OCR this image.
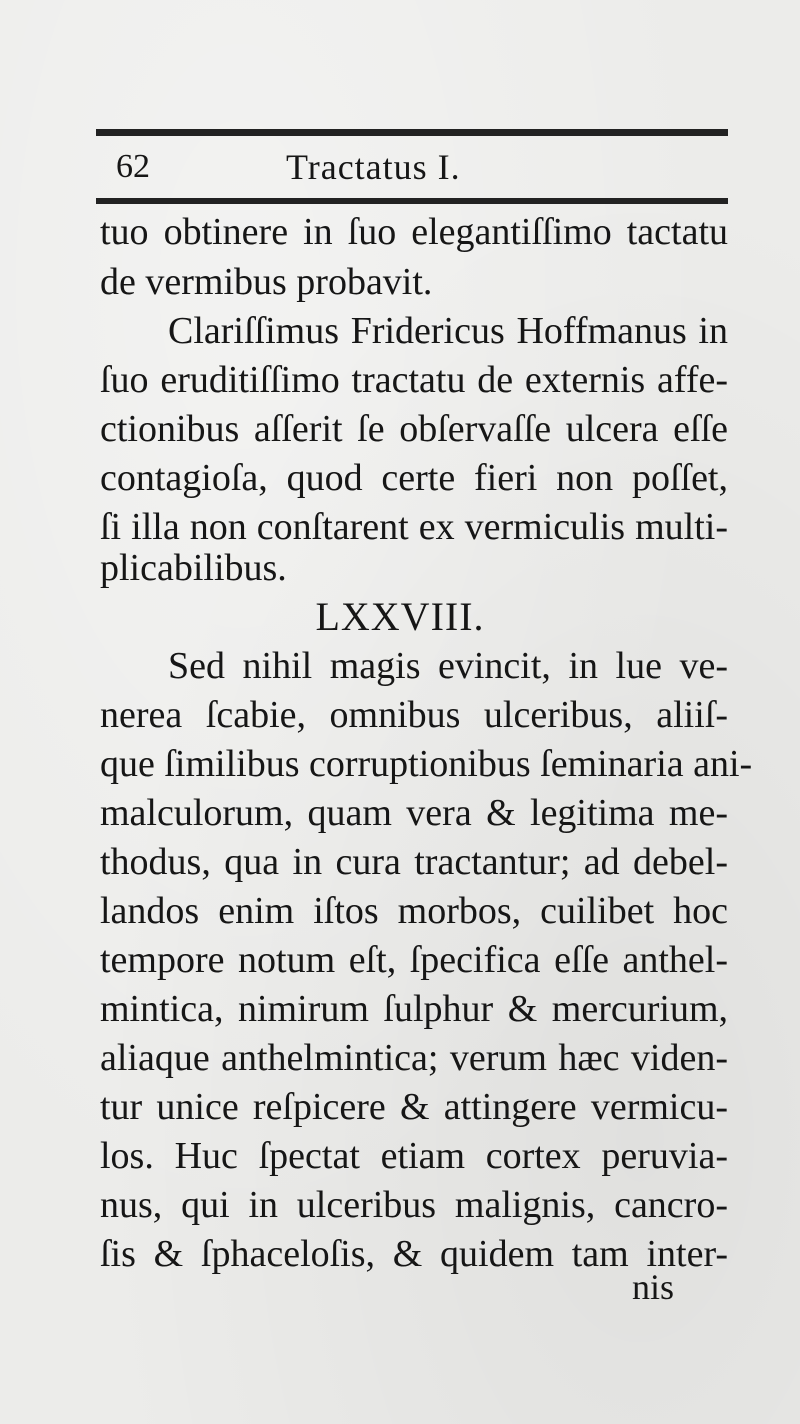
62	Tractatus I.
tuo obtinere in ſuo elegantiſſimo tactatu
de vermibus probavit.
Clariſſimus Fridericus Hoffmanus in
ſuo eruditiſſimo tractatu de externis affe-
ctionibus aſſerit ſe obſervaſſe ulcera eſſe
contagioſa, quod certe fieri non poſſet,
ſi illa non conſtarent ex vermiculis multi-
plicabilibus.
LXXVIII.
Sed nihil magis evincit, in lue ve-
nerea ſcabie, omnibus ulceribus, aliiſ-
que ſimilibus corruptionibus ſeminaria ani-
malculorum, quam vera & legitima me-
thodus, qua in cura tractantur; ad debel-
landos enim iſtos morbos, cuilibet hoc
tempore notum eſt, ſpecifica eſſe anthel-
mintica, nimirum ſulphur & mercurium,
aliaque anthelmintica; verum hæc viden-
tur unice reſpicere & attingere vermicu-
los. Huc ſpectat etiam cortex peruvia-
nus, qui in ulceribus malignis, cancro-
ſis & ſphaceloſis, & quidem tam inter-
nis
